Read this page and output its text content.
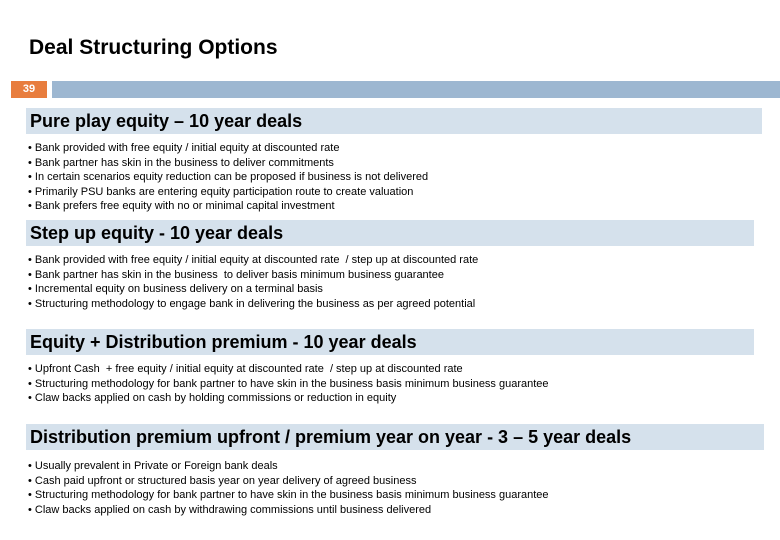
Deal Structuring Options
39
Pure play equity – 10 year deals
• Bank provided with free equity / initial equity at discounted rate
• Bank partner has skin in the business to deliver commitments
• In certain scenarios equity reduction can be proposed if business is not delivered
• Primarily PSU banks are entering equity participation route to create valuation
• Bank prefers free equity with no or minimal capital investment
Step up equity - 10 year deals
• Bank provided with free equity / initial equity at discounted rate  / step up at discounted rate
• Bank partner has skin in the business  to deliver basis minimum business guarantee
• Incremental equity on business delivery on a terminal basis
• Structuring methodology to engage bank in delivering the business as per agreed potential
Equity + Distribution premium - 10 year deals
• Upfront Cash  + free equity / initial equity at discounted rate  / step up at discounted rate
• Structuring methodology for bank partner to have skin in the business basis minimum business guarantee
• Claw backs applied on cash by holding commissions or reduction in equity
Distribution premium upfront / premium year on year - 3 – 5 year deals
• Usually prevalent in Private or Foreign bank deals
• Cash paid upfront or structured basis year on year delivery of agreed business
• Structuring methodology for bank partner to have skin in the business basis minimum business guarantee
• Claw backs applied on cash by withdrawing commissions until business delivered
